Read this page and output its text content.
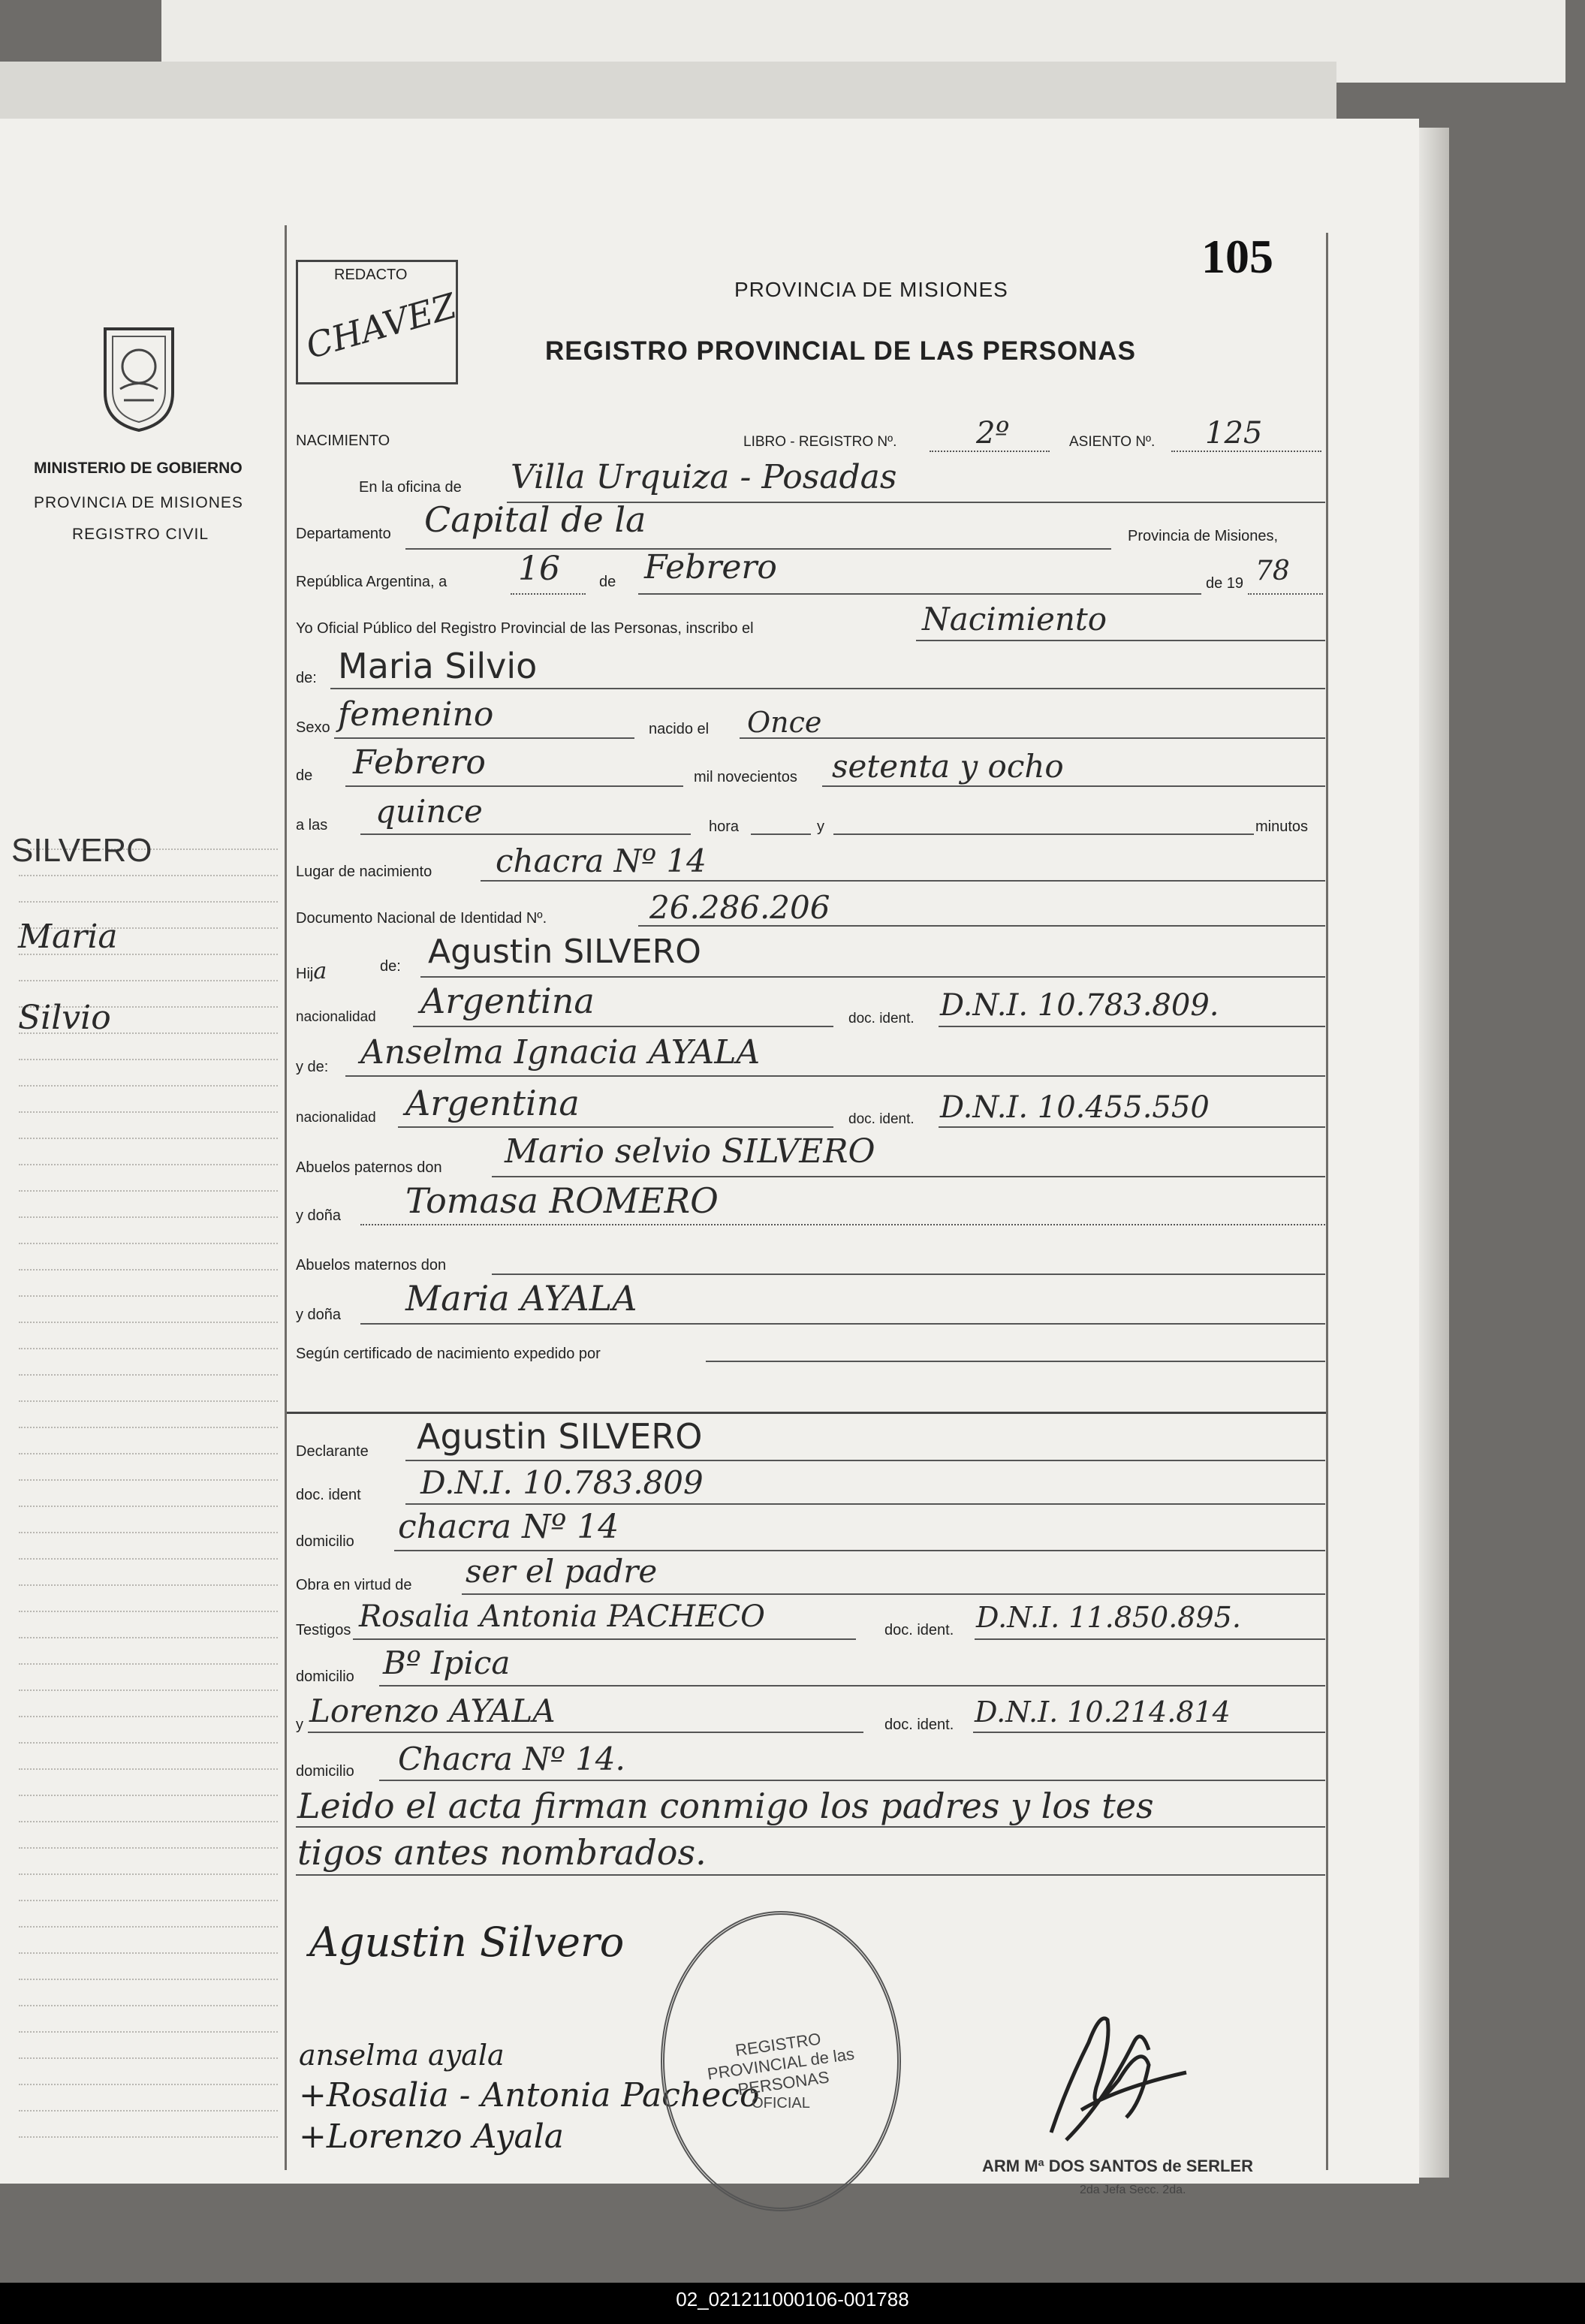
REDACTO
CHAVEZ
105
PROVINCIA DE MISIONES
REGISTRO PROVINCIAL DE LAS PERSONAS
MINISTERIO DE GOBIERNO
PROVINCIA DE MISIONES
REGISTRO CIVIL
SILVERO
Maria
Silvio
NACIMIENTO	LIBRO - REGISTRO Nº.	2º	ASIENTO Nº. 125
En la oficina de Villa Urquiza - Posadas
Departamento Capital de la	Provincia de Misiones,
República Argentina, a 16	de Febrero	de 19 78
Yo Oficial Público del Registro Provincial de las Personas, inscribo el	Nacimiento
de: Maria Silvio
Sexo femenino	nacido el Once
de Febrero	mil novecientos setenta y ocho
a las quince	hora	y	minutos
Lugar de nacimiento chacra Nº 14
Documento Nacional de Identidad Nº.	26.286.206
Hija	de: Agustin SILVERO
nacionalidad Argentina	doc. ident. D.N.I. 10.783.809.
y de: Anselma Ignacia AYALA
nacionalidad Argentina	doc. ident. D.N.I. 10.455.550
Abuelos paternos don Mario selvio SILVERO
y doña Tomasa ROMERO
Abuelos maternos don
y doña Maria AYALA
Según certificado de nacimiento expedido por
Declarante Agustin SILVERO
doc. ident D.N.I. 10.783.809
domicilio chacra Nº 14
Obra en virtud de ser el padre
Testigos Rosalia Antonia PACHECO	doc. ident. D.N.I. 11.850.895.
domicilio Bº Ipica
y Lorenzo AYALA	doc. ident. D.N.I. 10.214.814
domicilio Chacra Nº 14.
Leido el acta firman conmigo los padres y los tes
tigos antes nombrados.
Agustin Silvero
anselma ayala
+Rosalia - Antonia Pacheco
+Lorenzo Ayala
REGISTRO PROVINCIAL de las PERSONAS
OFICIAL
ARM Mª DOS SANTOS de SERLER
2da Jefa Secc. 2da.
02_021211000106-001788
